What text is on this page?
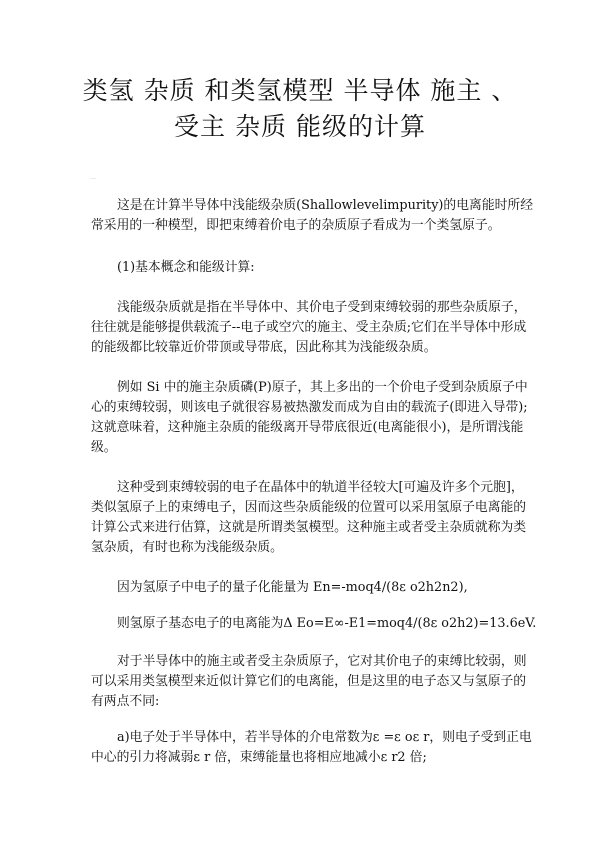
类氢 杂质 和类氢模型 半导体 施主 、
受主 杂质 能级的计算
——

这是在计算半导体中浅能级杂质(Shallowlevelimpurity)的电离能时所经
常采用的一种模型，即把束缚着价电子的杂质原子看成为一个类氢原子。

(1)基本概念和能级计算:

浅能级杂质就是指在半导体中、其价电子受到束缚较弱的那些杂质原子，
往往就是能够提供载流子--电子或空穴的施主、受主杂质;它们在半导体中形成
的能级都比较靠近价带顶或导带底，因此称其为浅能级杂质。

例如 Si 中的施主杂质磷(P)原子，其上多出的一个价电子受到杂质原子中
心的束缚较弱，则该电子就很容易被热激发而成为自由的载流子(即进入导带);
这就意味着，这种施主杂质的能级离开导带底很近(电离能很小)，是所谓浅能
级。

这种受到束缚较弱的电子在晶体中的轨道半径较大[可遍及许多个元胞]，
类似氢原子上的束缚电子，因而这些杂质能级的位置可以采用氢原子电离能的
计算公式来进行估算，这就是所谓类氢模型。这种施主或者受主杂质就称为类
氢杂质，有时也称为浅能级杂质。

因为氢原子中电子的量子化能量为 En=-moq4/(8ε o2h2n2),

则氢原子基态电子的电离能为Δ Eo=E∞-E1=moq4/(8ε o2h2)=13.6eV.

对于半导体中的施主或者受主杂质原子，它对其价电子的束缚比较弱，则
可以采用类氢模型来近似计算它们的电离能，但是这里的电子态又与氢原子的
有两点不同:

a)电子处于半导体中，若半导体的介电常数为ε =ε oε r，则电子受到正电
中心的引力将减弱ε r 倍，束缚能量也将相应地减小ε r2 倍;
